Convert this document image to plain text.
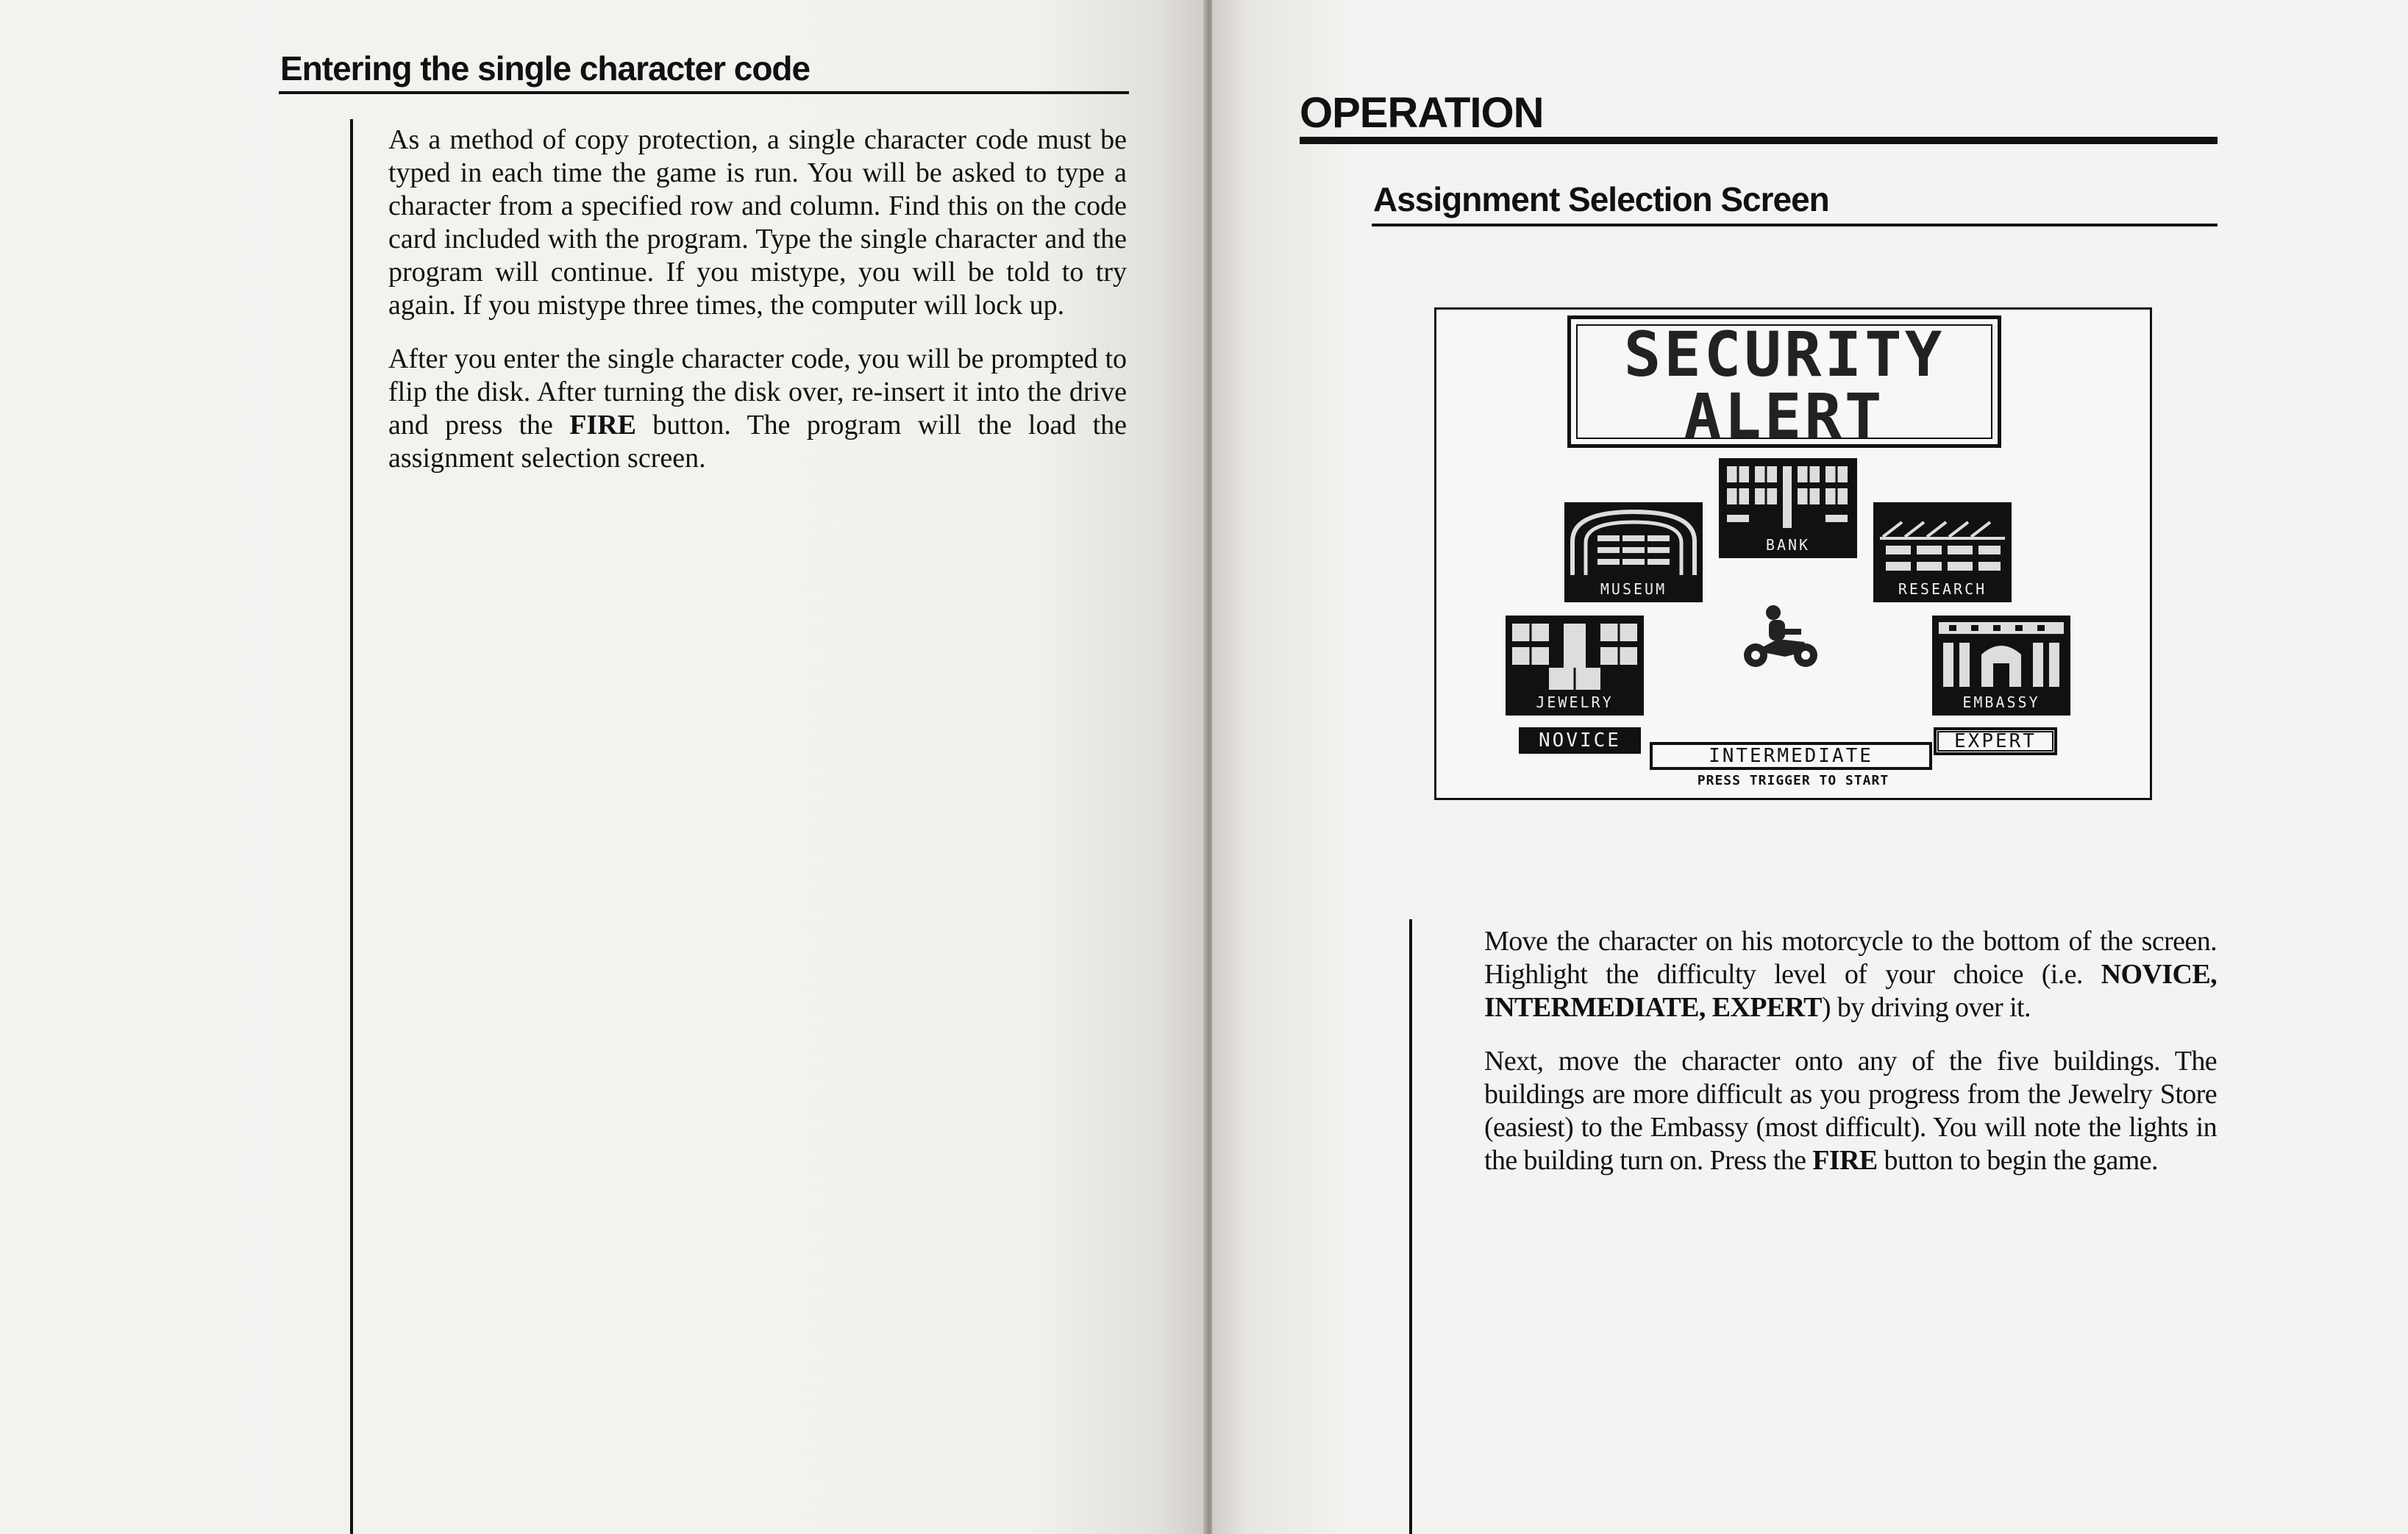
Entering the single character code

As a method of copy protection, a single character code must be typed in each time the game is run. You will be asked to type a character from a specified row and column. Find this on the code card included with the program. Type the single character and the program will continue. If you mistype, you will be told to try again. If you mistype three times, the computer will lock up.

After you enter the single character code, you will be prompted to flip the disk. After turning the disk over, re-insert it into the drive and press the FIRE button. The program will the load the assignment selection screen.

OPERATION
Assignment Selection Screen
SECURITY
ALERT
BANK
MUSEUM	RESEARCH
JEWELRY	EMBASSY
NOVICE
INTERMEDIATE
EXPERT
PRESS TRIGGER TO START

Move the character on his motorcycle to the bottom of the screen. Highlight the difficulty level of your choice (i.e. NOVICE, INTERMEDIATE, EXPERT) by driving over it.

Next, move the character onto any of the five buildings. The buildings are more difficult as you progress from the Jewelry Store (easiest) to the Embassy (most difficult). You will note the lights in the building turn on. Press the FIRE button to begin the game.
